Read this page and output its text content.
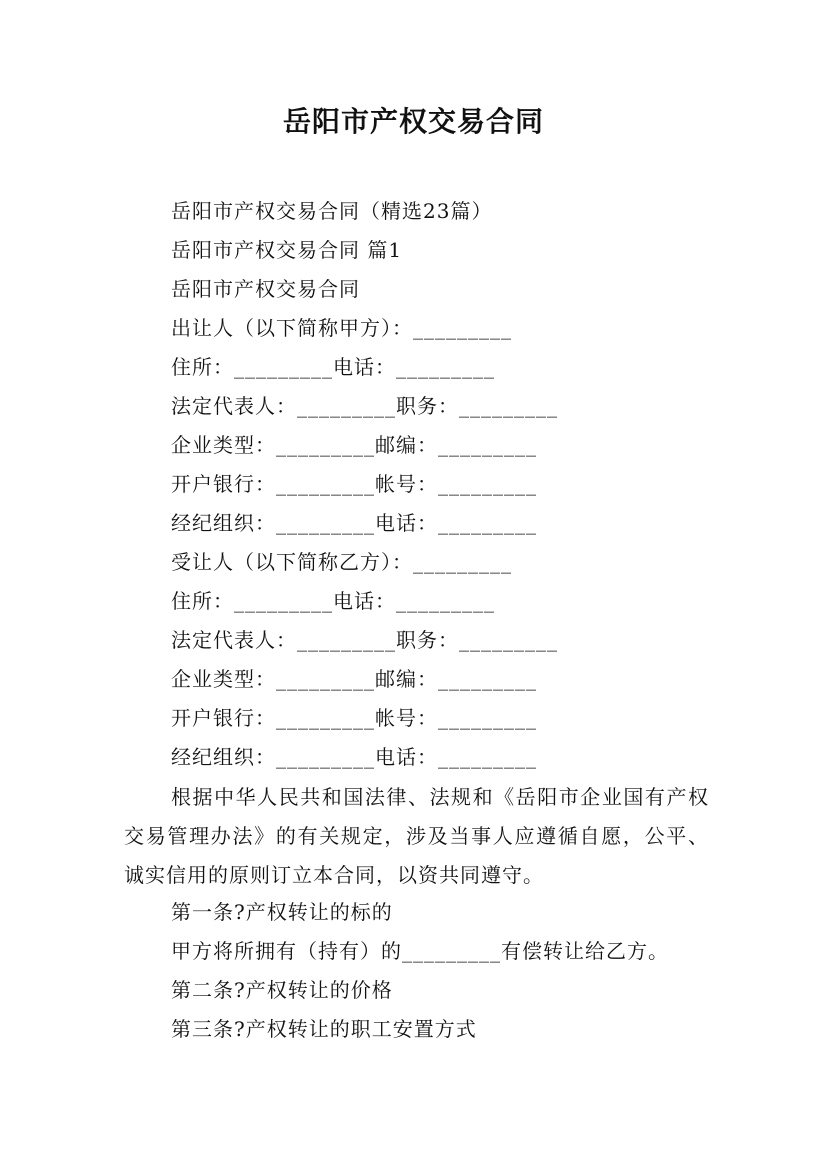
岳阳市产权交易合同
岳阳市产权交易合同（精选23篇）
岳阳市产权交易合同 篇1
岳阳市产权交易合同
出让人（以下简称甲方）：_________
住所：_________电话：_________
法定代表人：_________职务：_________
企业类型：_________邮编：_________
开户银行：_________帐号：_________
经纪组织：_________电话：_________
受让人（以下简称乙方）：_________
住所：_________电话：_________
法定代表人：_________职务：_________
企业类型：_________邮编：_________
开户银行：_________帐号：_________
经纪组织：_________电话：_________
根据中华人民共和国法律、法规和《岳阳市企业国有产权交易管理办法》的有关规定，涉及当事人应遵循自愿，公平、诚实信用的原则订立本合同，以资共同遵守。
第一条?产权转让的标的
甲方将所拥有（持有）的_________有偿转让给乙方。
第二条?产权转让的价格
第三条?产权转让的职工安置方式
